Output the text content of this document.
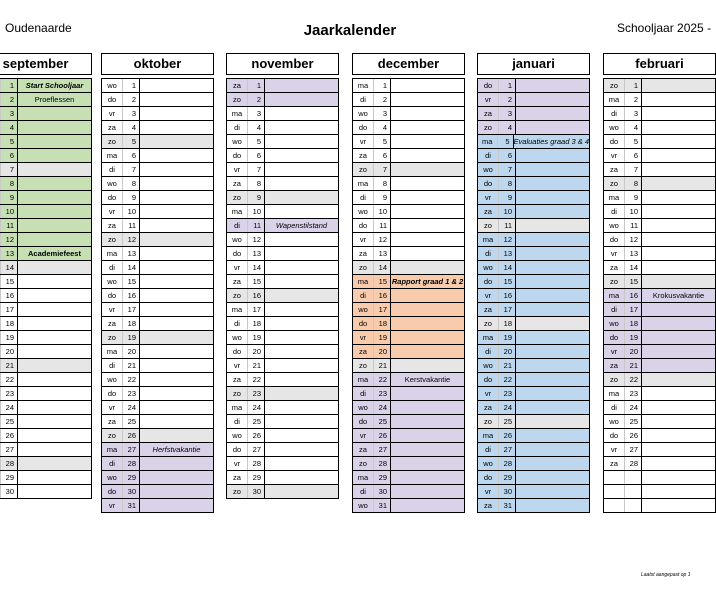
Oudenaarde	Jaarkalender	Schooljaar 2025 -
september
1	Start Schooljaar
2	Proeflessen
3
4
5
6
7
8
9
10
11
12
13	Academiefeest
14
15
16
17
18
19
20
21
22
23
24
25
26
27
28
29
30
oktober
wo	1
do	2
vr	3
za	4
zo	5
ma	6
di	7
wo	8
do	9
vr	10
za	11
zo	12
ma	13
di	14
wo	15
do	16
vr	17
za	18
zo	19
ma	20
di	21
wo	22
do	23
vr	24
za	25
zo	26
ma	27	Herfstvakantie
di	28
wo	29
do	30
vr	31
november
za	1
zo	2
ma	3
di	4
wo	5
do	6
vr	7
za	8
zo	9
ma	10
di	11	Wapenstilstand
wo	12
do	13
vr	14
za	15
zo	16
ma	17
di	18
wo	19
do	20
vr	21
za	22
zo	23
ma	24
di	25
wo	26
do	27
vr	28
za	29
zo	30
december
ma	1
di	2
wo	3
do	4
vr	5
za	6
zo	7
ma	8
di	9
wo	10
do	11
vr	12
za	13
zo	14
ma	15 Rapport graad 1 & 2
di	16
wo	17
do	18
vr	19
za	20
zo	21
ma	22	Kerstvakantie
di	23
wo	24
do	25
vr	26
za	27
zo	28
ma	29
di	30
wo	31
januari
do	1
vr	2
za	3
zo	4
ma	5 Evaluaties graad 3 & 4
di	6
wo	7
do	8
vr	9
za	10
zo	11
ma	12
di	13
wo	14
do	15
vr	16
za	17
zo	18
ma	19
di	20
wo	21
do	22
vr	23
za	24
zo	25
ma	26
di	27
wo	28
do	29
vr	30
za	31
februari
zo	1
ma	2
di	3
wo	4
do	5
vr	6
za	7
zo	8
ma	9
di	10
wo	11
do	12
vr	13
za	14
zo	15
ma	16	Krokusvakantie
di	17
wo	18
do	19
vr	20
za	21
zo	22
ma	23
di	24
wo	25
do	26
vr	27
za	28
Laatst aangepast op 1
